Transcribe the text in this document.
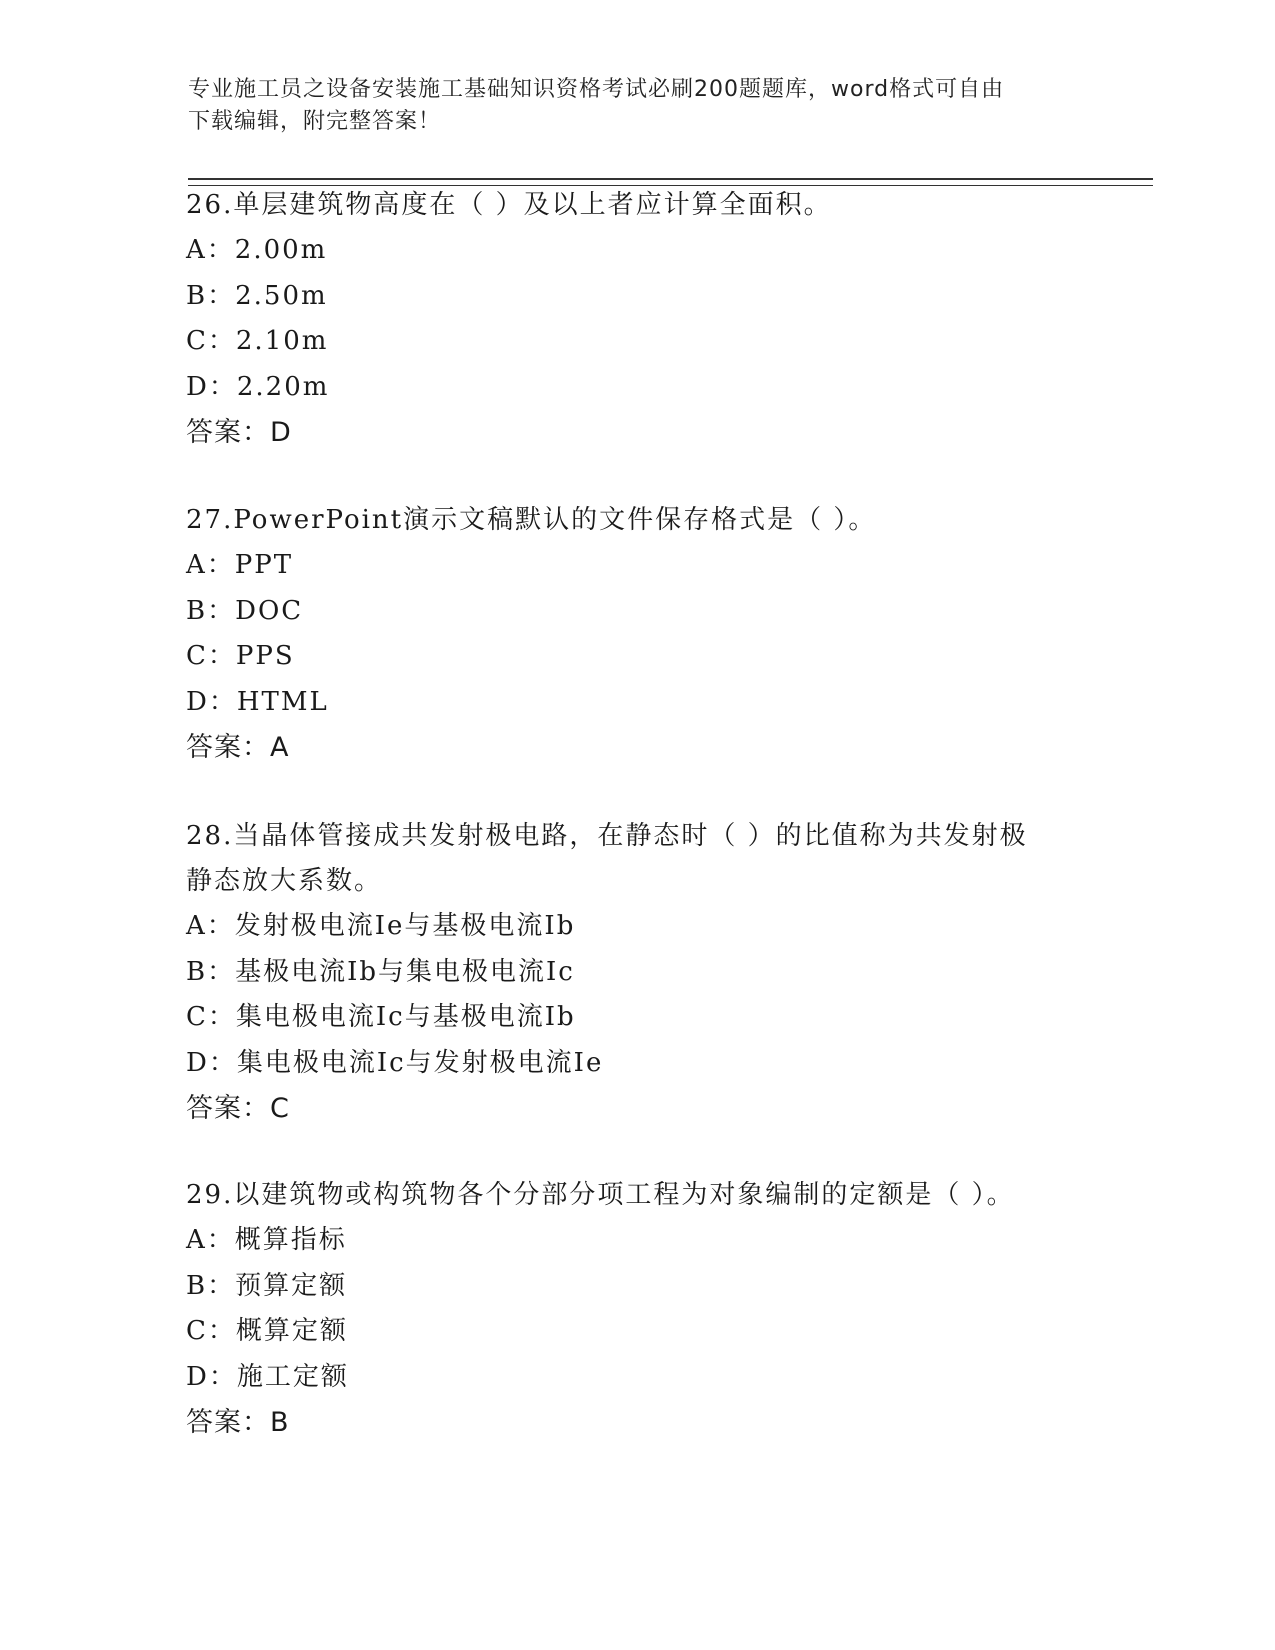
专业施工员之设备安装施工基础知识资格考试必刷200题题库，word格式可自由
下载编辑，附完整答案！
26.单层建筑物高度在（ ）及以上者应计算全面积。
A：2.00m
B：2.50m
C：2.10m
D：2.20m
答案：D
27.PowerPoint演示文稿默认的文件保存格式是（ ）。
A：PPT
B：DOC
C：PPS
D：HTML
答案：A
28.当晶体管接成共发射极电路，在静态时（ ）的比值称为共发射极
静态放大系数。
A：发射极电流Ie与基极电流Ib
B：基极电流Ib与集电极电流Ic
C：集电极电流Ic与基极电流Ib
D：集电极电流Ic与发射极电流Ie
答案：C
29.以建筑物或构筑物各个分部分项工程为对象编制的定额是（ ）。
A：概算指标
B：预算定额
C：概算定额
D：施工定额
答案：B
